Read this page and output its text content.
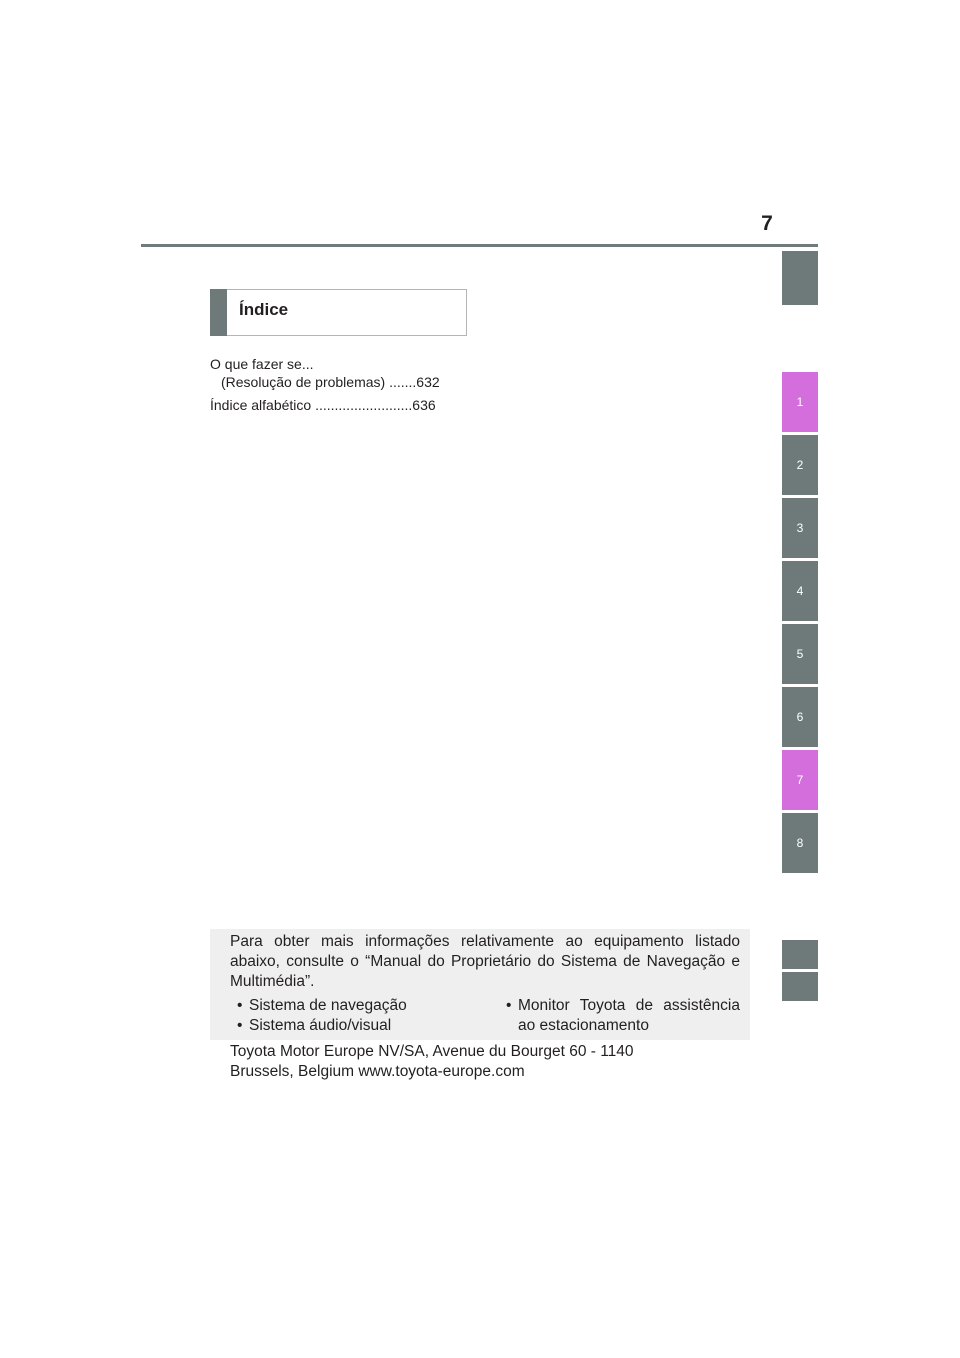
7
1
2
3
4
5
6
7
8
Índice
O que fazer se...
(Resolução de problemas) .......632
Índice alfabético .........................636
Para obter mais informações relativamente ao equipamento listado abaixo, consulte o “Manual do Proprietário do Sistema de Navegação e Multimédia”.
• Sistema de navegação
• Sistema áudio/visual
• Monitor Toyota de assistência ao estacionamento
Toyota Motor Europe NV/SA, Avenue du Bourget 60 - 1140
Brussels, Belgium www.toyota-europe.com
